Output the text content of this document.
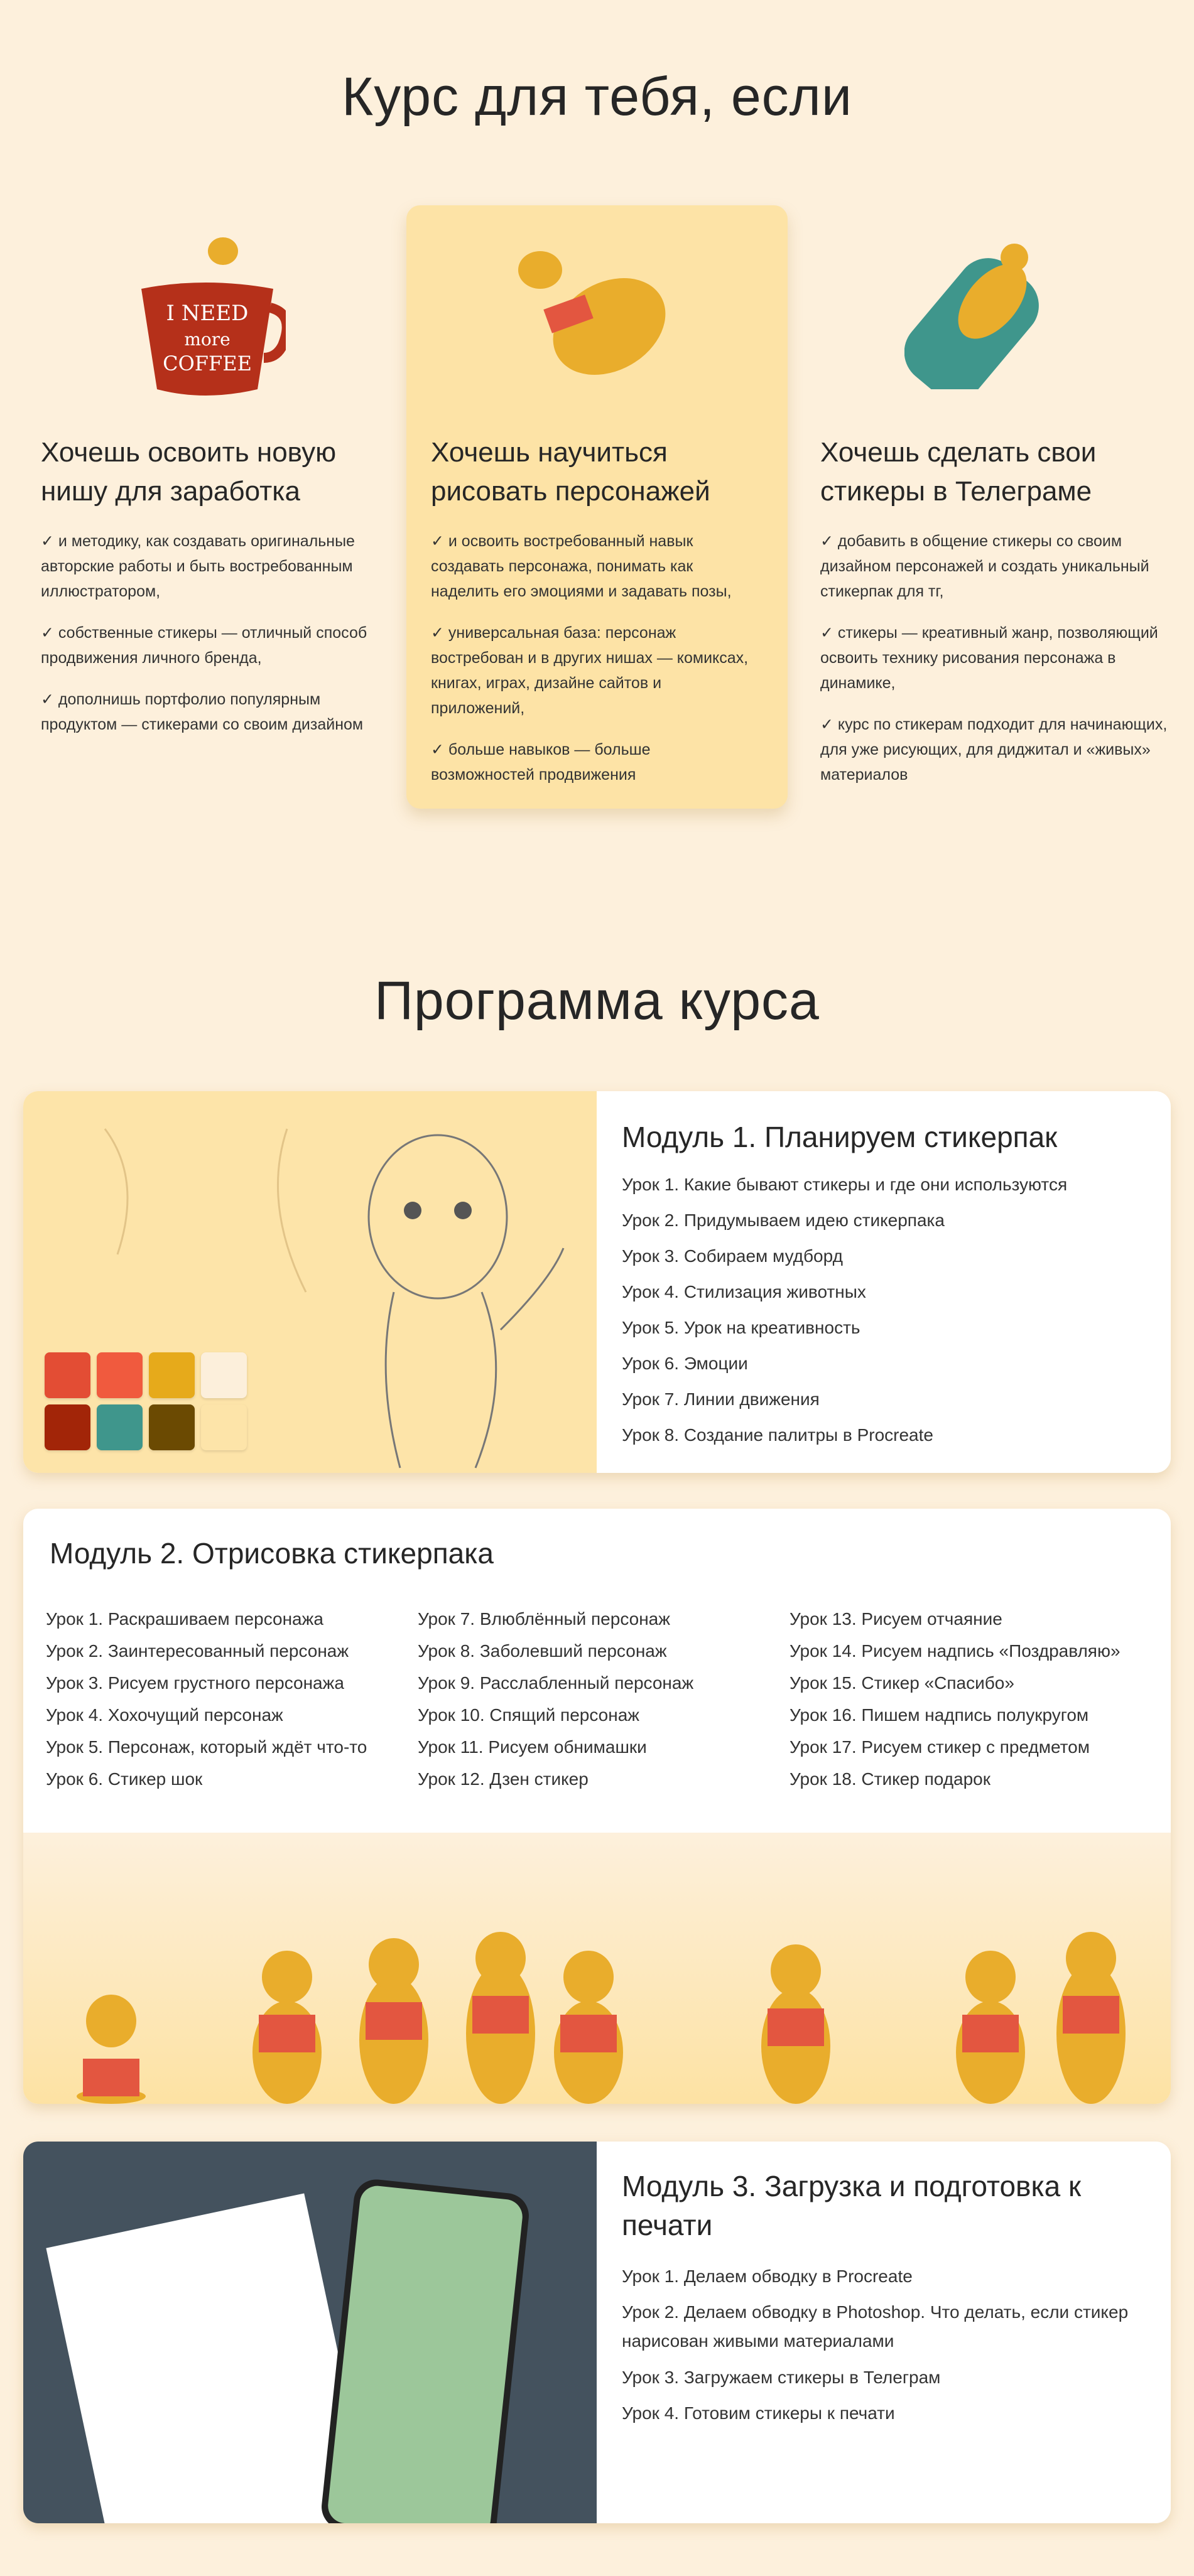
Курс для тебя, если
I NEED
more
COFFEE
Хочешь освоить новую нишу для заработка

✓ и методику, как создавать оригинальные авторские работы и быть востребованным иллюстратором,

✓ собственные стикеры — отличный способ продвижения личного бренда,

✓ дополнишь портфолио популярным продуктом — стикерами со своим дизайном

Хочешь научиться рисовать персонажей

✓ и освоить востребованный навык создавать персонажа, понимать как наделить его эмоциями и задавать позы,

✓ универсальная база: персонаж востребован и в других нишах — комиксах, книгах, играх, дизайне сайтов и приложений,

✓ больше навыков — больше возможностей продвижения

Хочешь сделать свои стикеры в Телеграме

✓ добавить в общение стикеры со своим дизайном персонажей и создать уникальный стикерпак для тг,

✓ стикеры — креативный жанр, позволяющий освоить технику рисования персонажа в динамике,

✓ курс по стикерам подходит для начинающих, для уже рисующих, для диджитал и «живых» материалов

Программа курса
Модуль 1. Планируем стикерпак
Урок 1. Какие бывают стикеры и где они используются
Урок 2. Придумываем идею стикерпака
Урок 3. Собираем мудборд
Урок 4. Стилизация животных
Урок 5. Урок на креативность
Урок 6. Эмоции
Урок 7. Линии движения
Урок 8. Создание палитры в Procreate
Модуль 2. Отрисовка стикерпака
Урок 1. Раскрашиваем персонажа
Урок 2. Заинтересованный персонаж
Урок 3. Рисуем грустного персонажа
Урок 4. Хохочущий персонаж
Урок 5. Персонаж, который ждёт что-то
Урок 6. Стикер шок
Урок 7. Влюблённый персонаж
Урок 8. Заболевший персонаж
Урок 9. Расслабленный персонаж
Урок 10. Спящий персонаж
Урок 11. Рисуем обнимашки
Урок 12. Дзен стикер
Урок 13. Рисуем отчаяние
Урок 14. Рисуем надпись «Поздравляю»
Урок 15. Стикер «Спасибо»
Урок 16. Пишем надпись полукругом
Урок 17. Рисуем стикер с предметом
Урок 18. Стикер подарок
Модуль 3. Загрузка и подготовка к печати
Урок 1. Делаем обводку в Procreate
Урок 2. Делаем обводку в Photoshop. Что делать, если стикер нарисован живыми материалами
Урок 3. Загружаем стикеры в Телеграм
Урок 4. Готовим стикеры к печати
